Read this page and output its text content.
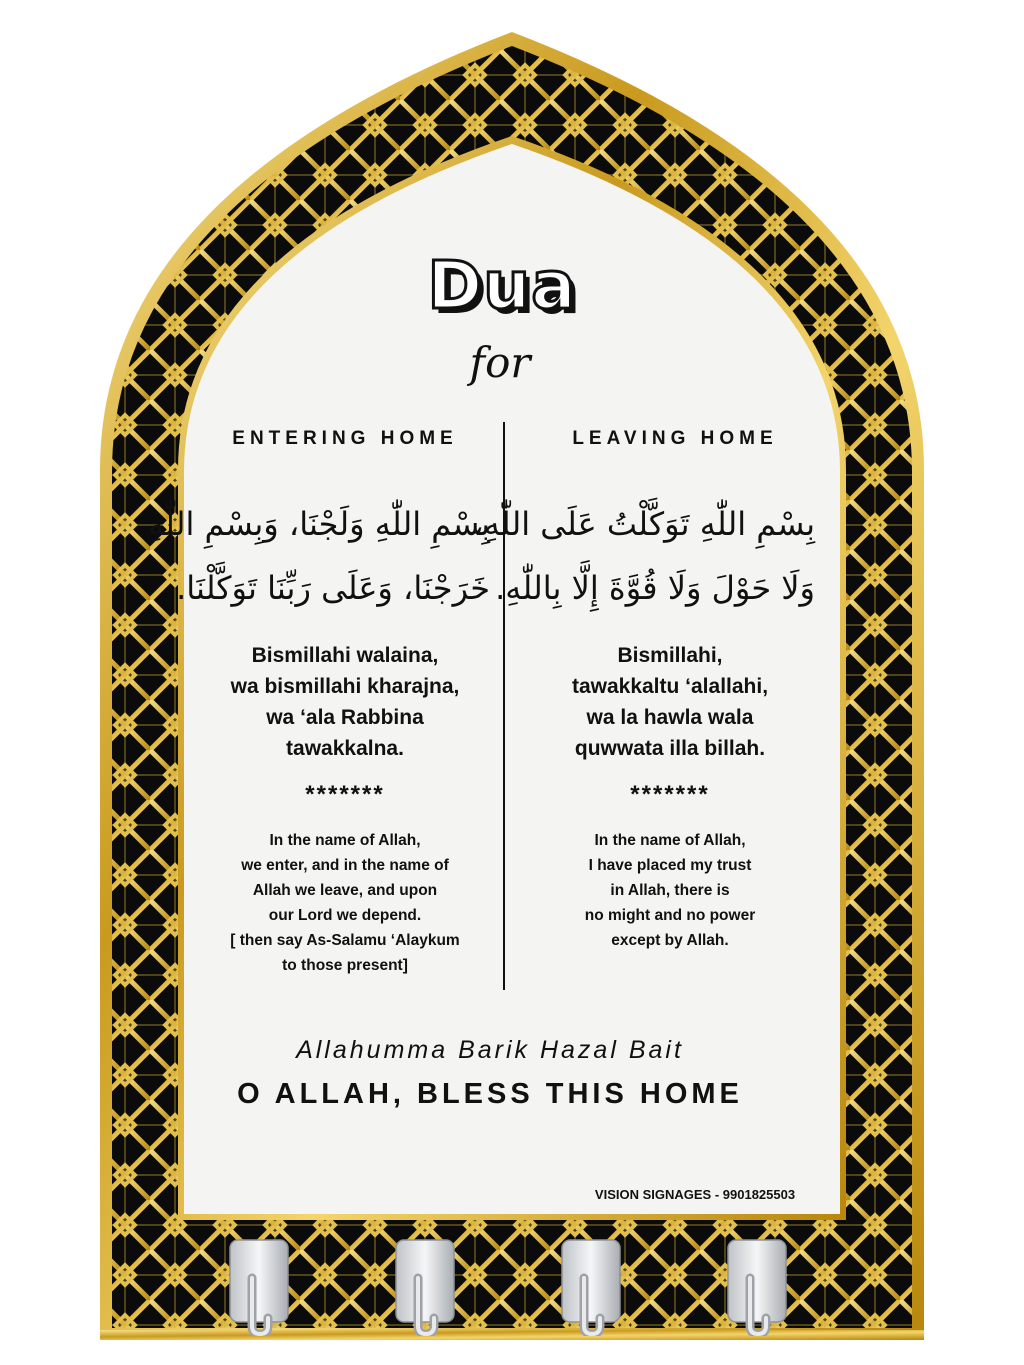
Dua
for
ENTERING HOME	LEAVING HOME
بِسْمِ اللّٰهِ وَلَجْنَا، وَبِسْمِ اللّٰهِ
خَرَجْنَا، وَعَلَى رَبِّنَا تَوَكَّلْنَا.
بِسْمِ اللّٰهِ تَوَكَّلْتُ عَلَى اللّٰهِ،
وَلَا حَوْلَ وَلَا قُوَّةَ إِلَّا بِاللّٰهِ.
Bismillahi walaina,
wa bismillahi kharajna,
wa ‘ala Rabbina
tawakkalna.
Bismillahi,
tawakkaltu ‘alallahi,
wa la hawla wala
quwwata illa billah.
*******	*******
In the name of Allah,
we enter, and in the name of
Allah we leave, and upon
our Lord we depend.
[ then say As-Salamu ‘Alaykum
to those present]
In the name of Allah,
I have placed my trust
in Allah, there is
no might and no power
except by Allah.
Allahumma Barik Hazal Bait
O ALLAH, BLESS THIS HOME
VISION SIGNAGES - 9901825503
